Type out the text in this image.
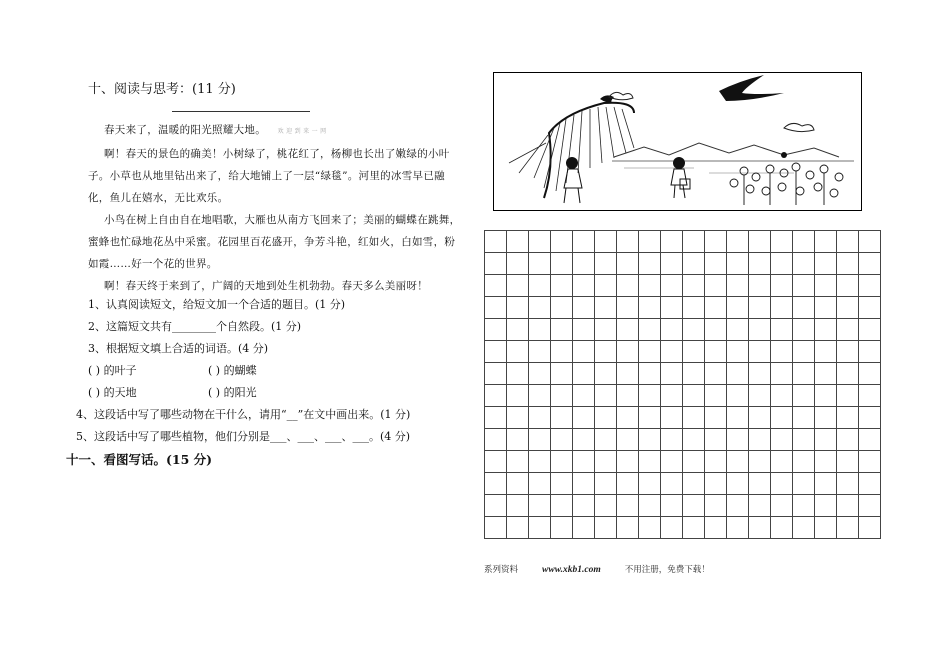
十、阅读与思考：(11 分)
春天来了，温暖的阳光照耀大地。 欢 迎 到 来 一 网
啊！春天的景色的确美！小树绿了，桃花红了，杨柳也长出了嫩绿的小叶
子。小草也从地里钻出来了，给大地铺上了一层“绿毯”。河里的冰雪早已融
化，鱼儿在嬉水，无比欢乐。
小鸟在树上自由自在地唱歌，大雁也从南方飞回来了；美丽的蝴蝶在跳舞，
蜜蜂也忙碌地花丛中采蜜。花园里百花盛开，争芳斗艳，红如火，白如雪，粉
如霞……好一个花的世界。
啊！春天终于来到了，广阔的天地到处生机勃勃。春天多么美丽呀！
1、认真阅读短文，给短文加一个合适的题目。(1 分)
2、这篇短文共有________个自然段。(1 分)
3、根据短文填上合适的词语。(4 分)
( ) 的叶子	( ) 的蝴蝶
( ) 的天地	( ) 的阳光
4、这段话中写了哪些动物在干什么，请用“__”在文中画出来。(1 分)
5、这段话中写了哪些植物，他们分别是___、___、___、___。(4 分)
十一、看图写话。(15 分)
系列资料	www.xkb1.com	不用注册，免费下载！
